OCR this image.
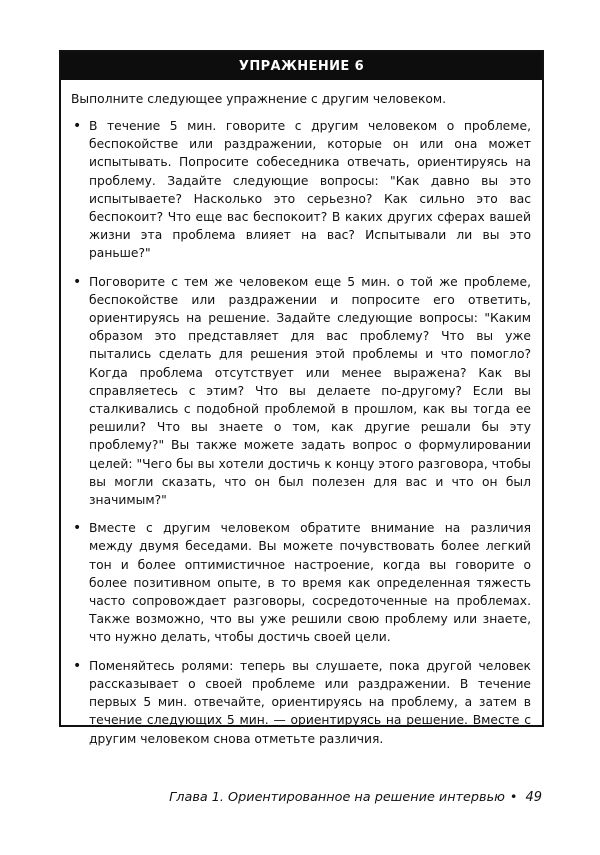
УПРАЖНЕНИЕ 6
Выполните следующее упражнение с другим человеком.
• В течение 5 мин. говорите с другим человеком о проблеме, беспокойстве или раздражении, которые он или она может испытывать. Попросите собеседника отвечать, ориентируясь на проблему. Задайте следующие вопросы: "Как давно вы это испытываете? Насколько это серьезно? Как сильно это вас беспокоит? Что еще вас беспокоит? В каких других сферах вашей жизни эта проблема влияет на вас? Испытывали ли вы это раньше?"
• Поговорите с тем же человеком еще 5 мин. о той же проблеме, беспокойстве или раздражении и попросите его ответить, ориентируясь на решение. Задайте следующие вопросы: "Каким образом это представляет для вас проблему? Что вы уже пытались сделать для решения этой проблемы и что помогло? Когда проблема отсутствует или менее выражена? Как вы справляетесь с этим? Что вы делаете по-другому? Если вы сталкивались с подобной проблемой в прошлом, как вы тогда ее решили? Что вы знаете о том, как другие решали бы эту проблему?" Вы также можете задать вопрос о формулировании целей: "Чего бы вы хотели достичь к концу этого разговора, чтобы вы могли сказать, что он был полезен для вас и что он был значимым?"
• Вместе с другим человеком обратите внимание на различия между двумя беседами. Вы можете почувствовать более легкий тон и более оптимистичное настроение, когда вы говорите о более позитивном опыте, в то время как определенная тяжесть часто сопровождает разговоры, сосредоточенные на проблемах. Также возможно, что вы уже решили свою проблему или знаете, что нужно делать, чтобы достичь своей цели.
• Поменяйтесь ролями: теперь вы слушаете, пока другой человек рассказывает о своей проблеме или раздражении. В течение первых 5 мин. отвечайте, ориентируясь на проблему, а затем в течение следующих 5 мин. — ориентируясь на решение. Вместе с другим человеком снова отметьте различия.
Глава 1. Ориентированное на решение интервью • 49
